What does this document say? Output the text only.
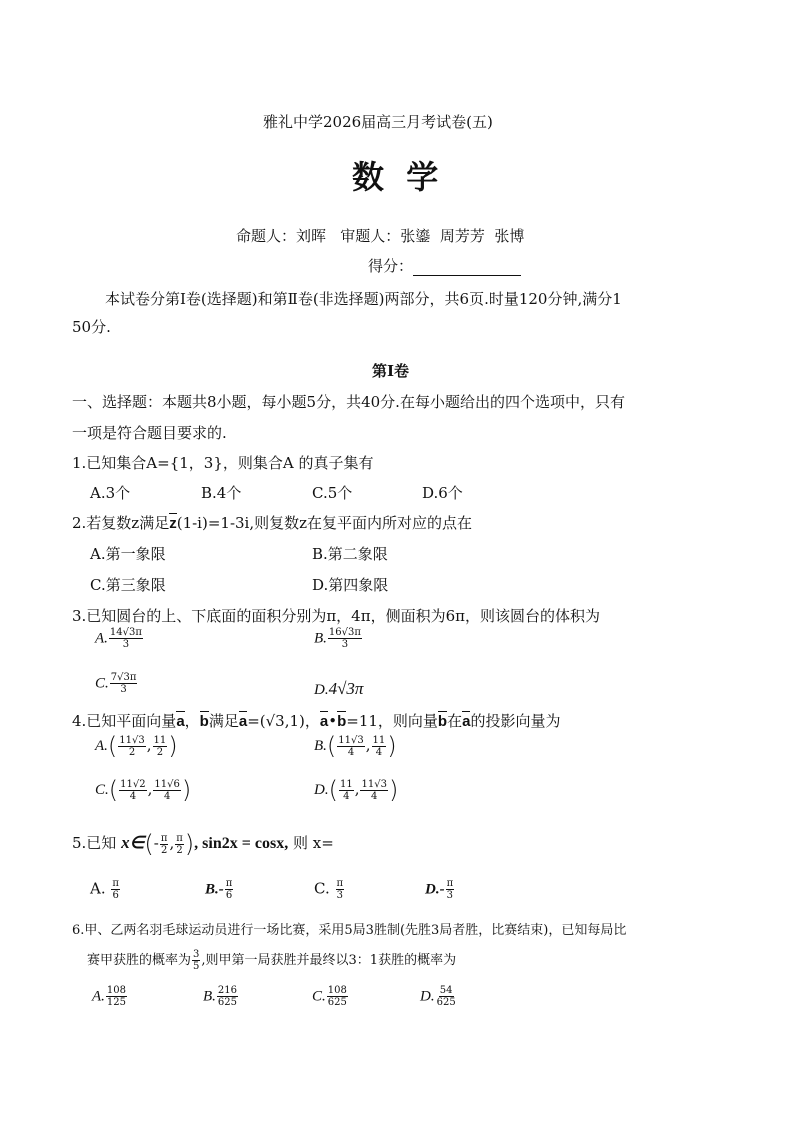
雅礼中学2026届高三月考试卷(五)
数  学
命题人：刘晖   审题人：张鎏  周芳芳  张博
得分：
本试卷分第Ⅰ卷(选择题)和第Ⅱ卷(非选择题)两部分，共6页.时量120分钟,满分1
50分.
第Ⅰ卷
一、选择题：本题共8小题，每小题5分，共40分.在每小题给出的四个选项中，只有
一项是符合题目要求的.
1.已知集合A={1，3}，则集合A 的真子集有
A.3个	B.4个	C.5个	D.6个
2.若复数z满足z(1-i)=1-3i,则复数z在复平面内所对应的点在
A.第一象限	B.第二象限
C.第三象限	D.第四象限
3.已知圆台的上、下底面的面积分别为π，4π，侧面积为6π，则该圆台的体积为
A. $\frac{14√3\pi}{3}$	B. $\frac{16√3\pi}{3}$
C. $\frac{7√3\pi}{3}$	D.4√3π
4.已知平面向量a，b满足a=(√3,1)，a•b=11，则向量b在a的投影向量为
$A.( \frac{11√3}{2}$ , $\frac{11}{2}$ )	$B.( \frac{11√3}{4}$ , $\frac{11}{4}$ )
$C.( \frac{11√2}{4}$ , $\frac{11√6}{4}$ )	$D.( \frac{11}{4}$ , $\frac{11√3}{4}$ )
5.已知 x∈(- $\frac{\pi}{2}$ , $\frac{\pi}{2}$ ), sin2x = cosx, 则 x=
A. $\frac{\pi}{6}$	$B.- \frac{\pi}{6}$	C. $\frac{\pi}{3}$	$D.- \frac{\pi}{3}$
6.甲、乙两名羽毛球运动员进行一场比赛，采用5局3胜制(先胜3局者胜，比赛结束)，已知每局比
赛甲获胜的概率为 $\frac{3}{5}$ ,则甲第一局获胜并最终以3：1获胜的概率为
A. $\frac{108}{125}$	B. $\frac{216}{625}$	C. $\frac{108}{625}$	D. $\frac{54}{625}$
